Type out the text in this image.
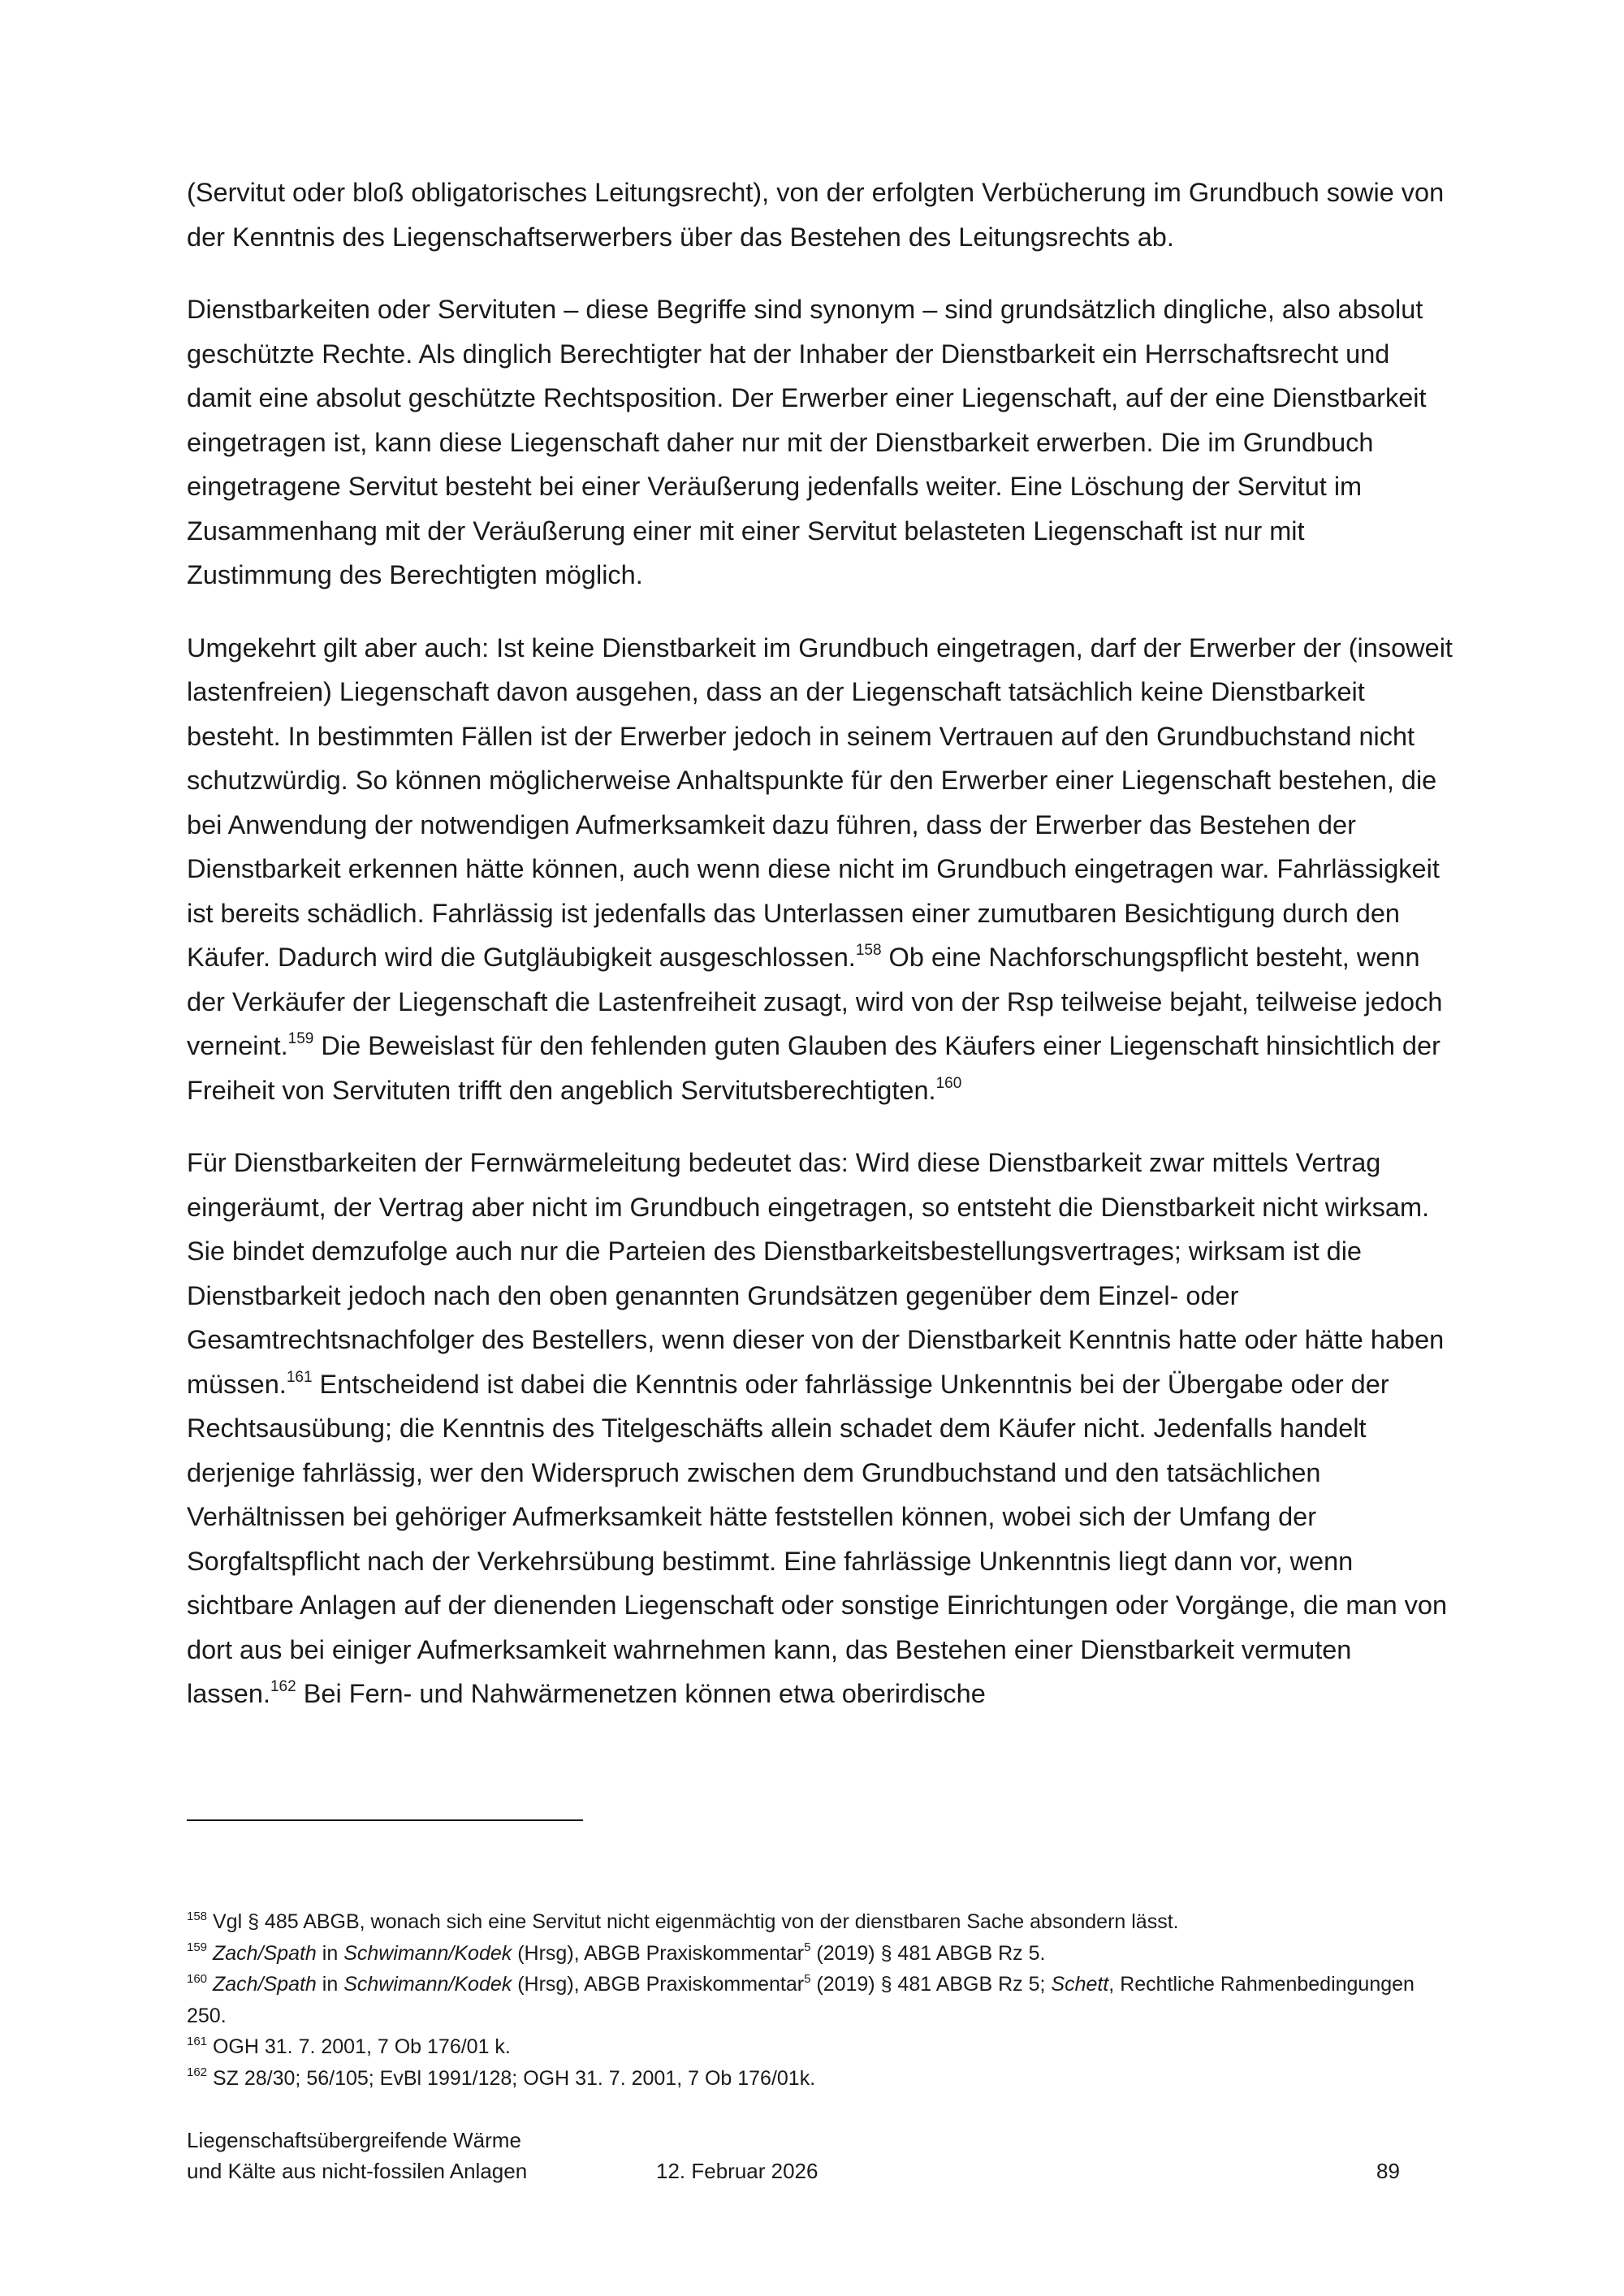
(Servitut oder bloß obligatorisches Leitungsrecht), von der erfolgten Verbücherung im Grundbuch sowie von der Kenntnis des Liegenschaftserwerbers über das Bestehen des Leitungsrechts ab.

Dienstbarkeiten oder Servituten – diese Begriffe sind synonym – sind grundsätzlich dingliche, also absolut geschützte Rechte. Als dinglich Berechtigter hat der Inhaber der Dienstbarkeit ein Herrschaftsrecht und damit eine absolut geschützte Rechtsposition. Der Erwerber einer Liegenschaft, auf der eine Dienstbarkeit eingetragen ist, kann diese Liegenschaft daher nur mit der Dienstbarkeit erwerben. Die im Grundbuch eingetragene Servitut besteht bei einer Veräußerung jedenfalls weiter. Eine Löschung der Servitut im Zusammenhang mit der Veräußerung einer mit einer Servitut belasteten Liegenschaft ist nur mit Zustimmung des Berechtigten möglich.

Umgekehrt gilt aber auch: Ist keine Dienstbarkeit im Grundbuch eingetragen, darf der Erwerber der (insoweit lastenfreien) Liegenschaft davon ausgehen, dass an der Liegenschaft tatsächlich keine Dienstbarkeit besteht. In bestimmten Fällen ist der Erwerber jedoch in seinem Vertrauen auf den Grundbuchstand nicht schutzwürdig. So können möglicherweise Anhaltspunkte für den Erwerber einer Liegenschaft bestehen, die bei Anwendung der notwendigen Aufmerksamkeit dazu führen, dass der Erwerber das Bestehen der Dienstbarkeit erkennen hätte können, auch wenn diese nicht im Grundbuch eingetragen war. Fahrlässigkeit ist bereits schädlich. Fahrlässig ist jedenfalls das Unterlassen einer zumutbaren Besichtigung durch den Käufer. Dadurch wird die Gutgläubigkeit ausgeschlossen.$^{158}$ Ob eine Nachforschungspflicht besteht, wenn der Verkäufer der Liegenschaft die Lastenfreiheit zusagt, wird von der Rsp teilweise bejaht, teilweise jedoch verneint.$^{159}$ Die Beweislast für den fehlenden guten Glauben des Käufers einer Liegenschaft hinsichtlich der Freiheit von Servituten trifft den angeblich Servitutsberechtigten.$^{160}$

Für Dienstbarkeiten der Fernwärmeleitung bedeutet das: Wird diese Dienstbarkeit zwar mittels Vertrag eingeräumt, der Vertrag aber nicht im Grundbuch eingetragen, so entsteht die Dienstbarkeit nicht wirksam. Sie bindet demzufolge auch nur die Parteien des Dienstbarkeitsbestellungsvertrages; wirksam ist die Dienstbarkeit jedoch nach den oben genannten Grundsätzen gegenüber dem Einzel- oder Gesamtrechtsnachfolger des Bestellers, wenn dieser von der Dienstbarkeit Kenntnis hatte oder hätte haben müssen.$^{161}$ Entscheidend ist dabei die Kenntnis oder fahrlässige Unkenntnis bei der Übergabe oder der Rechtsausübung; die Kenntnis des Titelgeschäfts allein schadet dem Käufer nicht. Jedenfalls handelt derjenige fahrlässig, wer den Widerspruch zwischen dem Grundbuchstand und den tatsächlichen Verhältnissen bei gehöriger Aufmerksamkeit hätte feststellen können, wobei sich der Umfang der Sorgfaltspflicht nach der Verkehrsübung bestimmt. Eine fahrlässige Unkenntnis liegt dann vor, wenn sichtbare Anlagen auf der dienenden Liegenschaft oder sonstige Einrichtungen oder Vorgänge, die man von dort aus bei einiger Aufmerksamkeit wahrnehmen kann, das Bestehen einer Dienstbarkeit vermuten lassen.$^{162}$ Bei Fern- und Nahwärmenetzen können etwa oberirdische

$^{158}$ Vgl § 485 ABGB, wonach sich eine Servitut nicht eigenmächtig von der dienstbaren Sache absondern lässt.

$^{159}$ Zach/Spath in Schwimann/Kodek (Hrsg), ABGB Praxiskommentar$^5$ (2019) § 481 ABGB Rz 5.

$^{160}$ Zach/Spath in Schwimann/Kodek (Hrsg), ABGB Praxiskommentar$^5$ (2019) § 481 ABGB Rz 5; Schett, Rechtliche Rahmenbedingungen 250.

$^{161}$ OGH 31. 7. 2001, 7 Ob 176/01 k.

$^{162}$ SZ 28/30; 56/105; EvBl 1991/128; OGH 31. 7. 2001, 7 Ob 176/01k.

Liegenschaftsübergreifende Wärme
und Kälte aus nicht-fossilen Anlagen	12. Februar 2026	89
